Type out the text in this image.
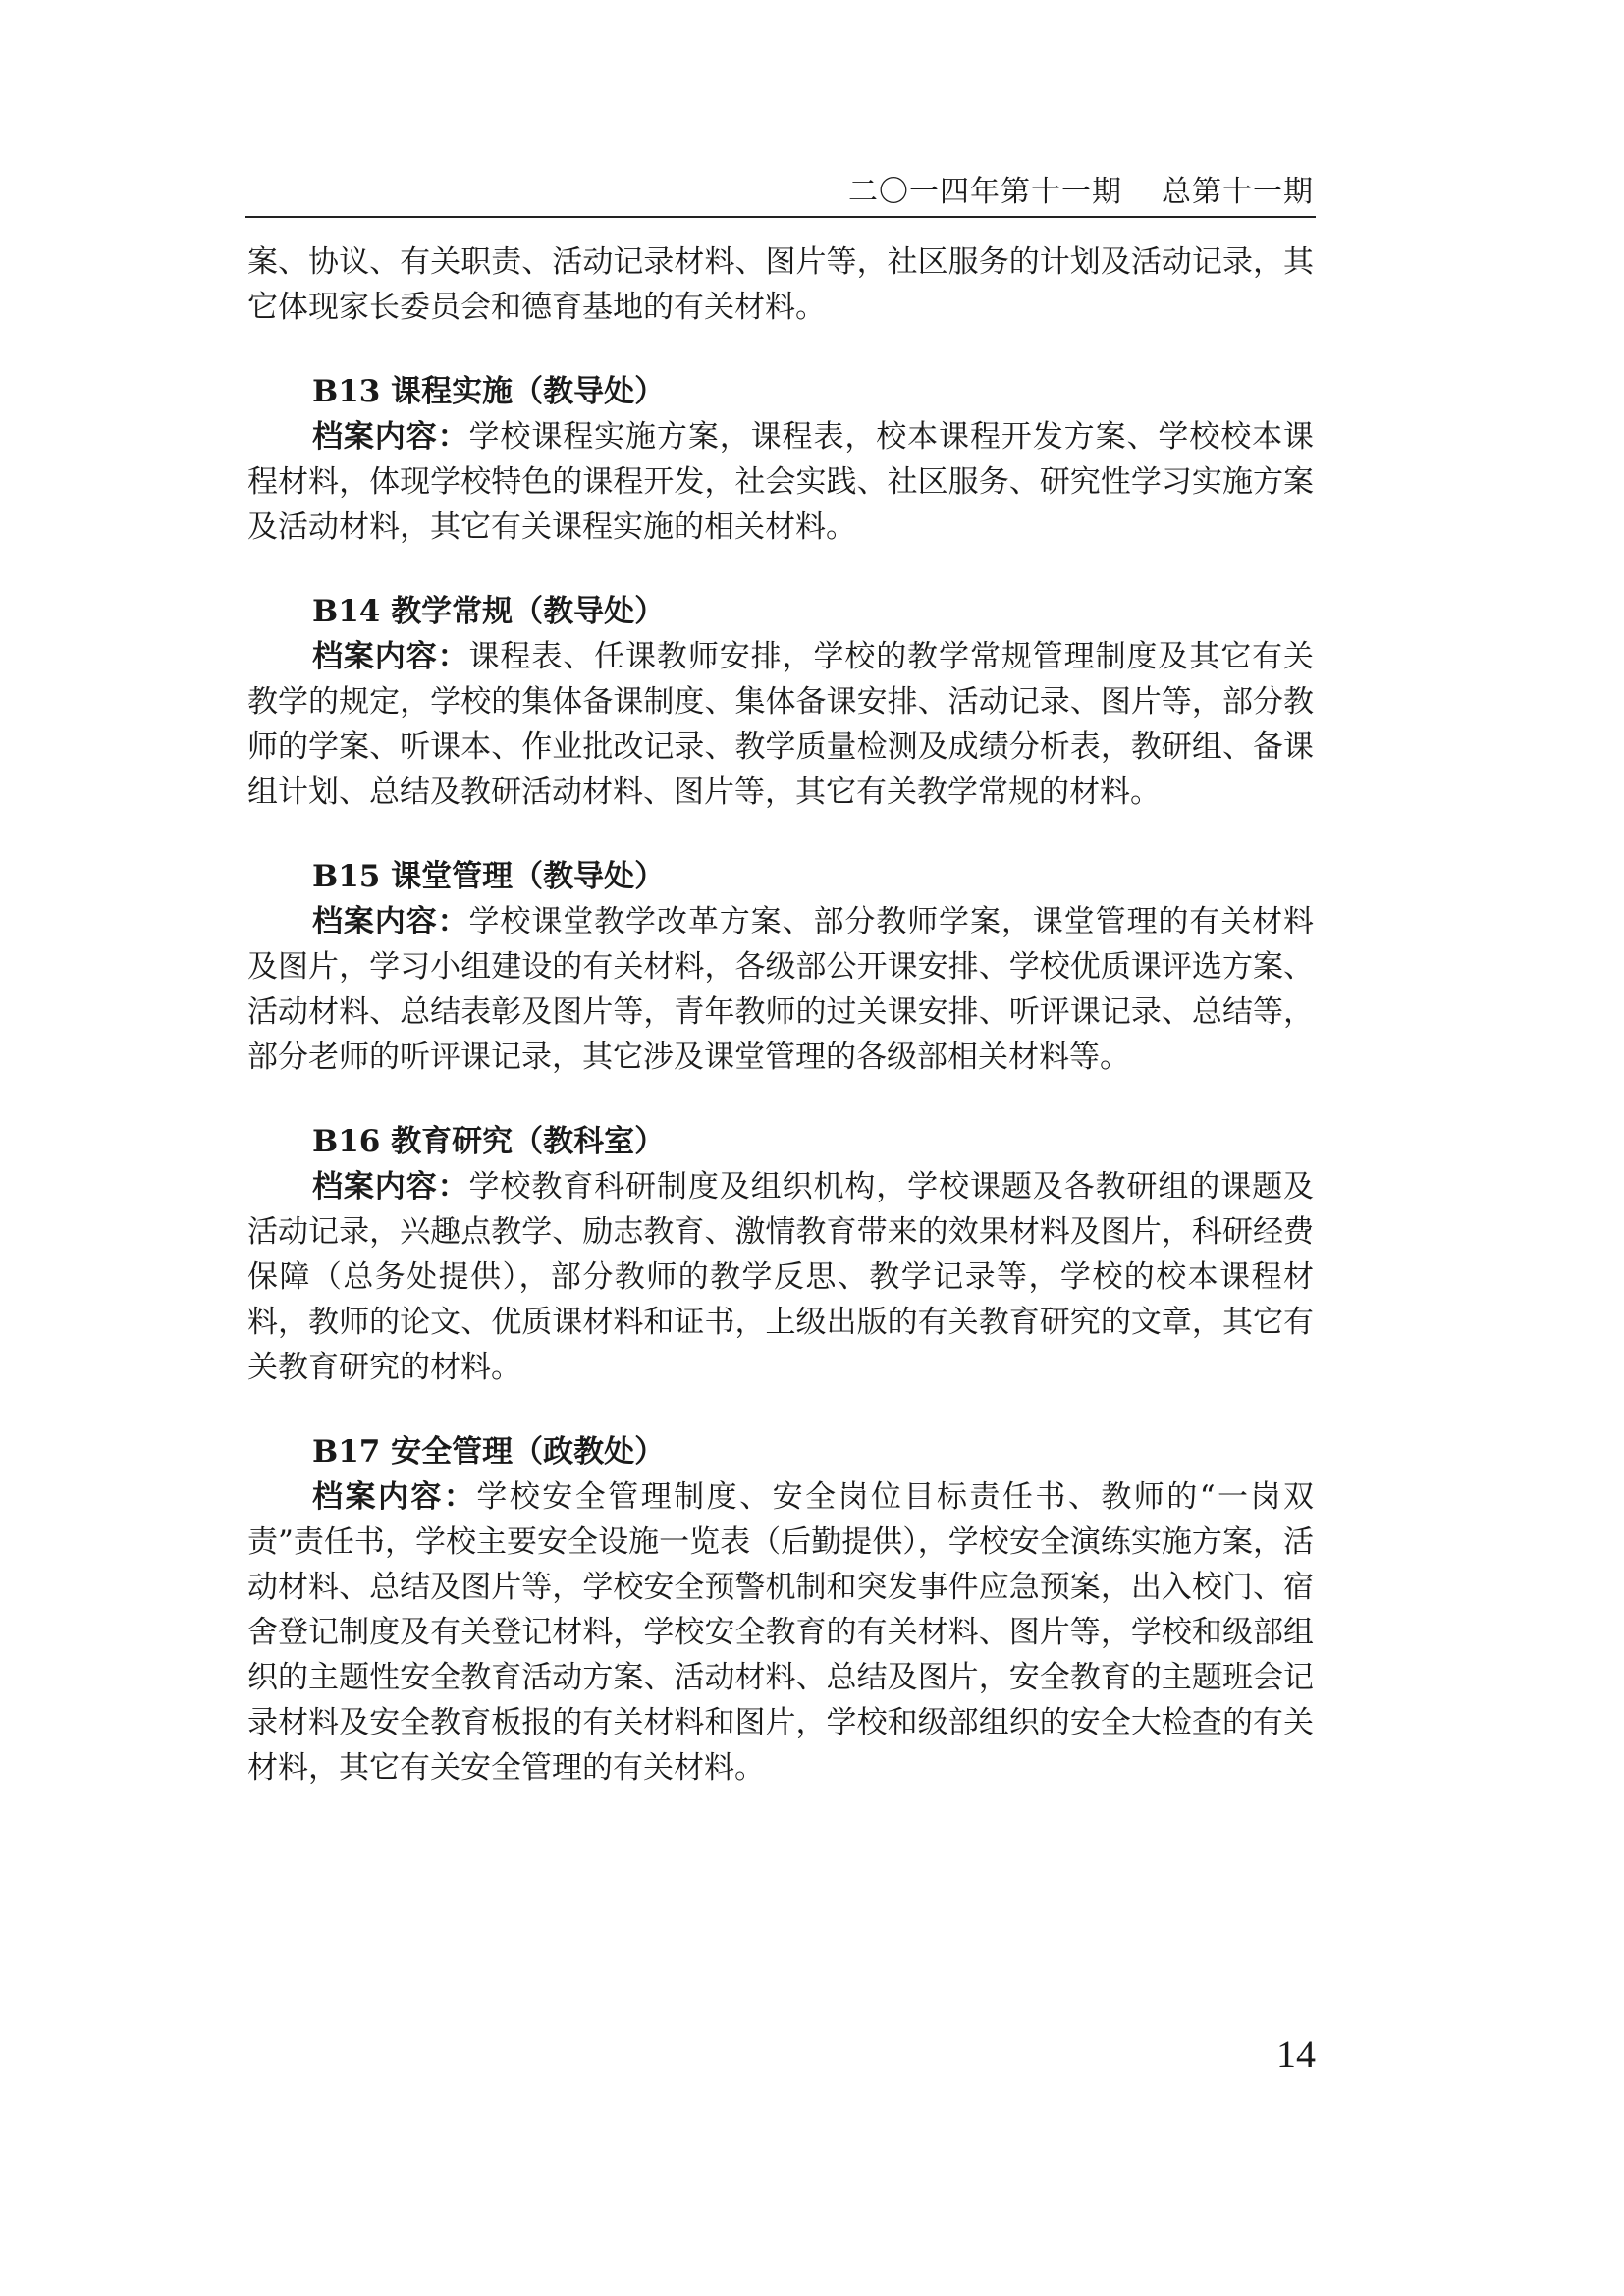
二〇一四年第十一期 总第十一期

案、协议、有关职责、活动记录材料、图片等，社区服务的计划及活动记录，其它体现家长委员会和德育基地的有关材料。

B13 课程实施（教导处）

档案内容：学校课程实施方案，课程表，校本课程开发方案、学校校本课程材料，体现学校特色的课程开发，社会实践、社区服务、研究性学习实施方案及活动材料，其它有关课程实施的相关材料。

B14 教学常规（教导处）

档案内容：课程表、任课教师安排，学校的教学常规管理制度及其它有关教学的规定，学校的集体备课制度、集体备课安排、活动记录、图片等，部分教师的学案、听课本、作业批改记录、教学质量检测及成绩分析表，教研组、备课组计划、总结及教研活动材料、图片等，其它有关教学常规的材料。

B15 课堂管理（教导处）

档案内容：学校课堂教学改革方案、部分教师学案，课堂管理的有关材料及图片，学习小组建设的有关材料，各级部公开课安排、学校优质课评选方案、活动材料、总结表彰及图片等，青年教师的过关课安排、听评课记录、总结等，部分老师的听评课记录，其它涉及课堂管理的各级部相关材料等。

B16 教育研究（教科室）

档案内容：学校教育科研制度及组织机构，学校课题及各教研组的课题及活动记录，兴趣点教学、励志教育、激情教育带来的效果材料及图片，科研经费保障（总务处提供），部分教师的教学反思、教学记录等，学校的校本课程材料，教师的论文、优质课材料和证书，上级出版的有关教育研究的文章，其它有关教育研究的材料。

B17 安全管理（政教处）

档案内容：学校安全管理制度、安全岗位目标责任书、教师的“一岗双责”责任书，学校主要安全设施一览表（后勤提供），学校安全演练实施方案，活动材料、总结及图片等，学校安全预警机制和突发事件应急预案，出入校门、宿舍登记制度及有关登记材料，学校安全教育的有关材料、图片等，学校和级部组织的主题性安全教育活动方案、活动材料、总结及图片，安全教育的主题班会记录材料及安全教育板报的有关材料和图片，学校和级部组织的安全大检查的有关材料，其它有关安全管理的有关材料。

14
